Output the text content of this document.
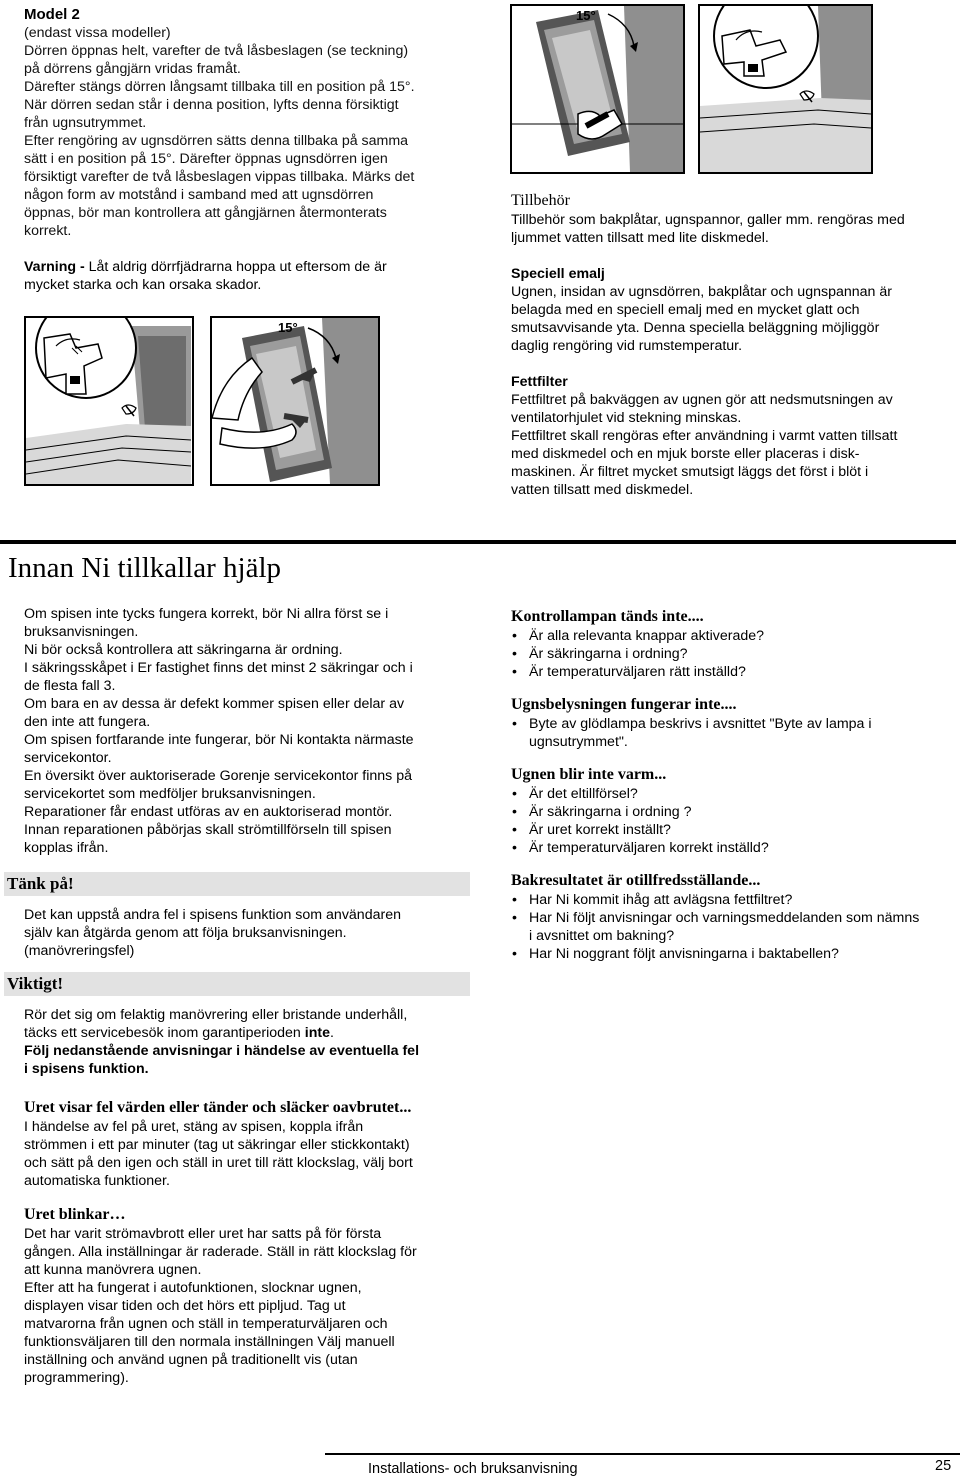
Model 2

(endast vissa modeller)

Dörren öppnas helt, varefter de två låsbeslagen (se teckning)

på dörrens gångjärn vridas framåt.

Därefter stängs dörren långsamt tillbaka till en position på 15°.

När dörren sedan står i denna position, lyfts denna försiktigt

från ugnsutrymmet.

Efter rengöring av ugnsdörren sätts denna tillbaka på samma

sätt i en position på 15°. Därefter öppnas ugnsdörren igen

försiktigt varefter de två låsbeslagen vippas tillbaka. Märks det

någon form av motstånd i samband med att ugnsdörren

öppnas, bör man kontrollera att gångjärnen återmonterats

korrekt.

Varning - Låt aldrig dörrfjädrarna hoppa ut eftersom de är

mycket starka och kan orsaka skador.

15°
15°
Tillbehör

Tillbehör som bakplåtar, ugnspannor, galler mm. rengöras med

ljummet vatten tillsatt med lite diskmedel.

Speciell emalj

Ugnen, insidan av ugnsdörren, bakplåtar och ugnspannan är

belagda med en speciell emalj med en mycket glatt och

smutsavvisande yta. Denna speciella beläggning möjliggör

daglig rengöring vid rumstemperatur.

Fettfilter

Fettfiltret på bakväggen av ugnen gör att nedsmutsningen av

ventilatorhjulet vid stekning minskas.

Fettfiltret skall rengöras efter användning i varmt vatten tillsatt

med diskmedel och en mjuk borste eller placeras i disk-

maskinen. Är filtret mycket smutsigt läggs det först i blöt i

vatten tillsatt med diskmedel.

Innan Ni tillkallar hjälp

Om spisen inte tycks fungera korrekt, bör Ni allra först se i

bruksanvisningen.

Ni bör också kontrollera att säkringarna är ordning.

I säkringsskåpet i Er fastighet finns det minst 2 säkringar och i

de flesta fall 3.

Om bara en av dessa är defekt kommer spisen eller delar av

den inte att fungera.

Om spisen fortfarande inte fungerar, bör Ni kontakta närmaste

servicekontor.

En översikt över auktoriserade Gorenje servicekontor finns på

servicekortet som medföljer bruksanvisningen.

Reparationer får endast utföras av en auktoriserad montör.

Innan reparationen påbörjas skall strömtillförseln till spisen

kopplas ifrån.

Tänk på!

Det kan uppstå andra fel i spisens funktion som användaren

själv kan åtgärda genom att följa bruksanvisningen.

(manövreringsfel)

Viktigt!

Rör det sig om felaktig manövrering eller bristande underhåll,

täcks ett servicebesök inom garantiperioden inte.

Följ nedanstående anvisningar i händelse av eventuella fel

i spisens funktion.

Uret visar fel värden eller tänder och släcker oavbrutet...

I händelse av fel på uret, stäng av spisen, koppla ifrån

strömmen i ett par minuter (tag ut säkringar eller stickkontakt)

och sätt på den igen och ställ in uret till rätt klockslag, välj bort

automatiska funktioner.

Uret blinkar…

Det har varit strömavbrott eller uret har satts på för första

gången. Alla inställningar är raderade. Ställ in rätt klockslag för

att kunna manövrera ugnen.

Efter att ha fungerat i autofunktionen, slocknar ugnen,

displayen visar tiden och det hörs ett pipljud. Tag ut

matvarorna från ugnen och ställ in temperaturväljaren och

funktionsväljaren till den normala inställningen Välj manuell

inställning och använd ugnen på traditionellt vis (utan

programmering).

Kontrollampan tänds inte....
• Är alla relevanta knappar aktiverade?
• Är säkringarna i ordning?
• Är temperaturväljaren rätt inställd?
Ugnsbelysningen fungerar inte....
• Byte av glödlampa beskrivs i avsnittet "Byte av lampa i ugnsutrymmet".
Ugnen blir inte varm...
• Är det eltillförsel?
• Är säkringarna i ordning ?
• Är uret korrekt inställt?
• Är temperaturväljaren korrekt inställd?
Bakresultatet är otillfredsställande...
• Har Ni kommit ihåg att avlägsna fettfiltret?
• Har Ni följt anvisningar och varningsmeddelanden som nämns i avsnittet om bakning?
• Har Ni noggrant följt anvisningarna i baktabellen?
Installations- och bruksanvisning	25
